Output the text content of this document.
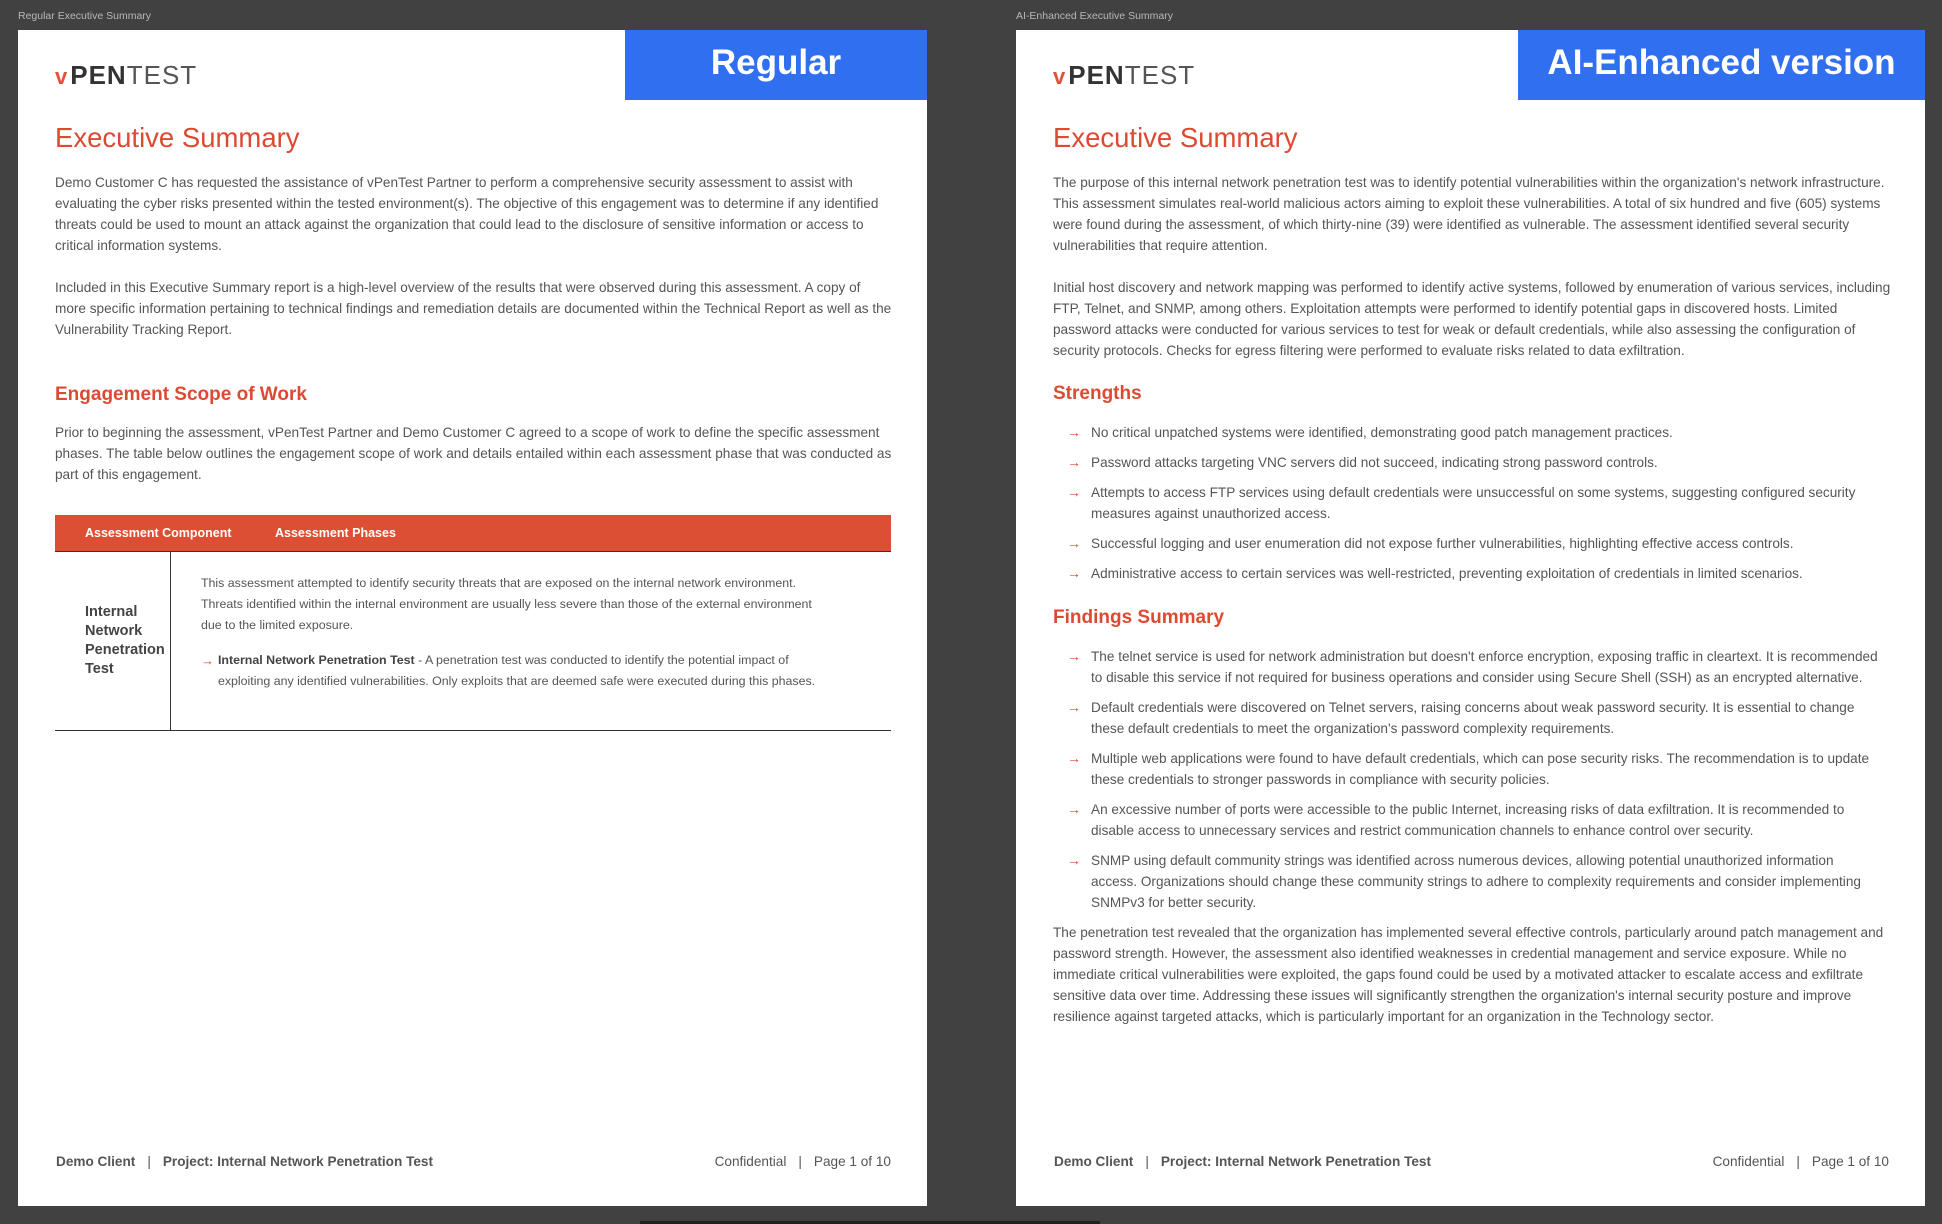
Regular Executive Summary	AI-Enhanced Executive Summary
Regular version
vPENTEST
Executive Summary

Demo Customer C has requested the assistance of vPenTest Partner to perform a comprehensive security assessment to assist with evaluating the cyber risks presented within the tested environment(s). The objective of this engagement was to determine if any identified threats could be used to mount an attack against the organization that could lead to the disclosure of sensitive information or access to critical information systems.

Included in this Executive Summary report is a high-level overview of the results that were observed during this assessment. A copy of more specific information pertaining to technical findings and remediation details are documented within the Technical Report as well as the Vulnerability Tracking Report.

Engagement Scope of Work

Prior to beginning the assessment, vPenTest Partner and Demo Customer C agreed to a scope of work to define the specific assessment phases. The table below outlines the engagement scope of work and details entailed within each assessment phase that was conducted as part of this engagement.

Assessment Component	Assessment Phases
Internal Network Penetration Test
This assessment attempted to identify security threats that are exposed on the internal network environment. Threats identified within the internal environment are usually less severe than those of the external environment due to the limited exposure.
→ Internal Network Penetration Test - A penetration test was conducted to identify the potential impact of exploiting any identified vulnerabilities. Only exploits that are deemed safe were executed during this phases.
Demo Client | Project: Internal Network Penetration Test	Confidential | Page 1 of 10
AI-Enhanced version
vPENTEST
Executive Summary

The purpose of this internal network penetration test was to identify potential vulnerabilities within the organization's network infrastructure. This assessment simulates real-world malicious actors aiming to exploit these vulnerabilities. A total of six hundred and five (605) systems were found during the assessment, of which thirty-nine (39) were identified as vulnerable. The assessment identified several security vulnerabilities that require attention.

Initial host discovery and network mapping was performed to identify active systems, followed by enumeration of various services, including FTP, Telnet, and SNMP, among others. Exploitation attempts were performed to identify potential gaps in discovered hosts. Limited password attacks were conducted for various services to test for weak or default credentials, while also assessing the configuration of security protocols. Checks for egress filtering were performed to evaluate risks related to data exfiltration.

Strengths
→ No critical unpatched systems were identified, demonstrating good patch management practices.
→ Password attacks targeting VNC servers did not succeed, indicating strong password controls.
→ Attempts to access FTP services using default credentials were unsuccessful on some systems, suggesting configured security measures against unauthorized access.
→ Successful logging and user enumeration did not expose further vulnerabilities, highlighting effective access controls.
→ Administrative access to certain services was well-restricted, preventing exploitation of credentials in limited scenarios.
Findings Summary
→ The telnet service is used for network administration but doesn't enforce encryption, exposing traffic in cleartext. It is recommended to disable this service if not required for business operations and consider using Secure Shell (SSH) as an encrypted alternative.
→ Default credentials were discovered on Telnet servers, raising concerns about weak password security. It is essential to change these default credentials to meet the organization's password complexity requirements.
→ Multiple web applications were found to have default credentials, which can pose security risks. The recommendation is to update these credentials to stronger passwords in compliance with security policies.
→ An excessive number of ports were accessible to the public Internet, increasing risks of data exfiltration. It is recommended to disable access to unnecessary services and restrict communication channels to enhance control over security.
→ SNMP using default community strings was identified across numerous devices, allowing potential unauthorized information access. Organizations should change these community strings to adhere to complexity requirements and consider implementing SNMPv3 for better security.

The penetration test revealed that the organization has implemented several effective controls, particularly around patch management and password strength. However, the assessment also identified weaknesses in credential management and service exposure. While no immediate critical vulnerabilities were exploited, the gaps found could be used by a motivated attacker to escalate access and exfiltrate sensitive data over time. Addressing these issues will significantly strengthen the organization's internal security posture and improve resilience against targeted attacks, which is particularly important for an organization in the Technology sector.

Demo Client | Project: Internal Network Penetration Test	Confidential | Page 1 of 10
